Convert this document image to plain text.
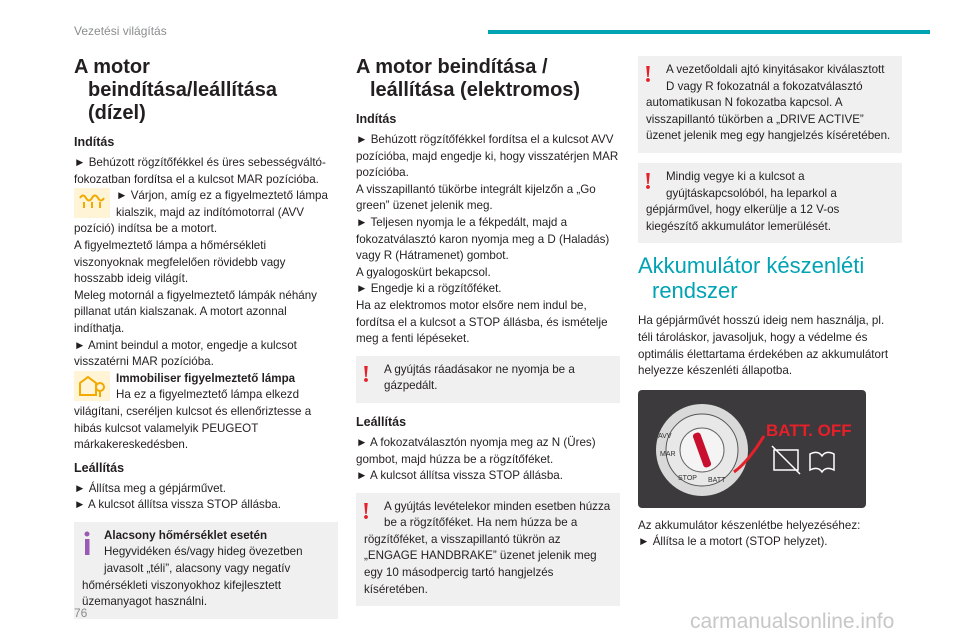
Vezetési világítás
A motor beindítása/leállítása (dízel)
Indítás

► Behúzott rögzítőfékkel és üres sebességváltó-fokozatban fordítsa el a kulcsot MAR pozícióba.

► Várjon, amíg ez a figyelmeztető lámpa kialszik, majd az indítómotorral (AVV

pozíció) indítsa be a motort.

A figyelmeztető lámpa a hőmérsékleti viszonyoknak megfelelően rövidebb vagy hosszabb ideig világít.

Meleg motornál a figyelmeztető lámpák néhány pillanat után kialszanak. A motort azonnal indíthatja.

► Amint beindul a motor, engedje a kulcsot visszatérni MAR pozícióba.

Immobiliser figyelmeztető lámpa

Ha ez a figyelmeztető lámpa elkezd

világítani, cseréljen kulcsot és ellenőriztesse a hibás kulcsot valamelyik PEUGEOT márkakereskedésben.

Leállítás

► Állítsa meg a gépjárművet.

► A kulcsot állítsa vissza STOP állásba.

Alacsony hőmérséklet esetén

Hegyvidéken és/vagy hideg övezetben javasolt „téli”, alacsony vagy negatív hőmérsékleti viszonyokhoz kifejlesztett üzemanyagot használni.

A motor beindítása / leállítása (elektromos)
Indítás

► Behúzott rögzítőfékkel fordítsa el a kulcsot AVV pozícióba, majd engedje ki, hogy visszatérjen MAR pozícióba.

A visszapillantó tükörbe integrált kijelzőn a „Go green” üzenet jelenik meg.

► Teljesen nyomja le a fékpedált, majd a fokozatválasztó karon nyomja meg a D (Haladás) vagy R (Hátramenet) gombot.

A gyalogoskürt bekapcsol.

► Engedje ki a rögzítőféket.

Ha az elektromos motor elsőre nem indul be, fordítsa el a kulcsot a STOP állásba, és ismételje meg a fenti lépéseket.

!	A gyújtás ráadásakor ne nyomja be a gázpedált.

Leállítás

► A fokozatválasztón nyomja meg az N (Üres) gombot, majd húzza be a rögzítőféket.

► A kulcsot állítsa vissza STOP állásba.

!	A gyújtás levételekor minden esetben húzza be a rögzítőféket. Ha nem húzza be a rögzítőféket, a visszapillantó tükrön az „ENGAGE HANDBRAKE” üzenet jelenik meg egy 10 másodpercig tartó hangjelzés kíséretében.

!	A vezetőoldali ajtó kinyitásakor kiválasztott D vagy R fokozatnál a fokozatválasztó automatikusan N fokozatba kapcsol. A visszapillantó tükörben a „DRIVE ACTIVE” üzenet jelenik meg egy hangjelzés kíséretében.

!	Mindig vegye ki a kulcsot a gyújtáskapcsolóból, ha leparkol a gépjárművel, hogy elkerülje a 12 V-os kiegészítő akkumulátor lemerülését.

Akkumulátor készenléti rendszer

Ha gépjárművét hosszú ideig nem használja, pl. téli tároláskor, javasoljuk, hogy a védelme és optimális élettartama érdekében az akkumulátort helyezze készenléti állapotba.

AVV
MAR
STOP BATT
BATT. OFF

Az akkumulátor készenlétbe helyezéséhez:

► Állítsa le a motort (STOP helyzet).

76	carmanualsonline.info
